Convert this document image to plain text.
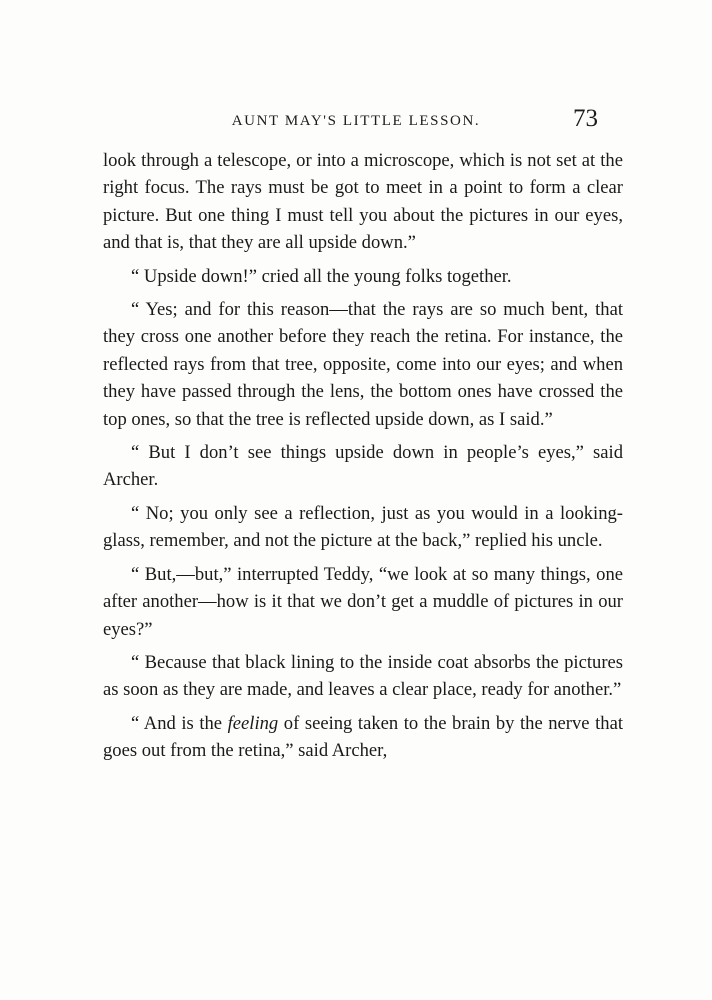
AUNT MAY'S LITTLE LESSON.	73

look through a telescope, or into a microscope, which is not set at the right focus. The rays must be got to meet in a point to form a clear picture. But one thing I must tell you about the pictures in our eyes, and that is, that they are all upside down.”

“ Upside down!” cried all the young folks together.

“ Yes; and for this reason—that the rays are so much bent, that they cross one another before they reach the retina. For instance, the reflected rays from that tree, opposite, come into our eyes; and when they have passed through the lens, the bottom ones have crossed the top ones, so that the tree is reflected upside down, as I said.”

“ But I don’t see things upside down in people’s eyes,” said Archer.

“ No; you only see a reflection, just as you would in a looking-glass, remember, and not the picture at the back,” replied his uncle.

“ But,—but,” interrupted Teddy, “we look at so many things, one after another—how is it that we don’t get a muddle of pictures in our eyes?”

“ Because that black lining to the inside coat absorbs the pictures as soon as they are made, and leaves a clear place, ready for another.”

“ And is the feeling of seeing taken to the brain by the nerve that goes out from the retina,” said Archer,
